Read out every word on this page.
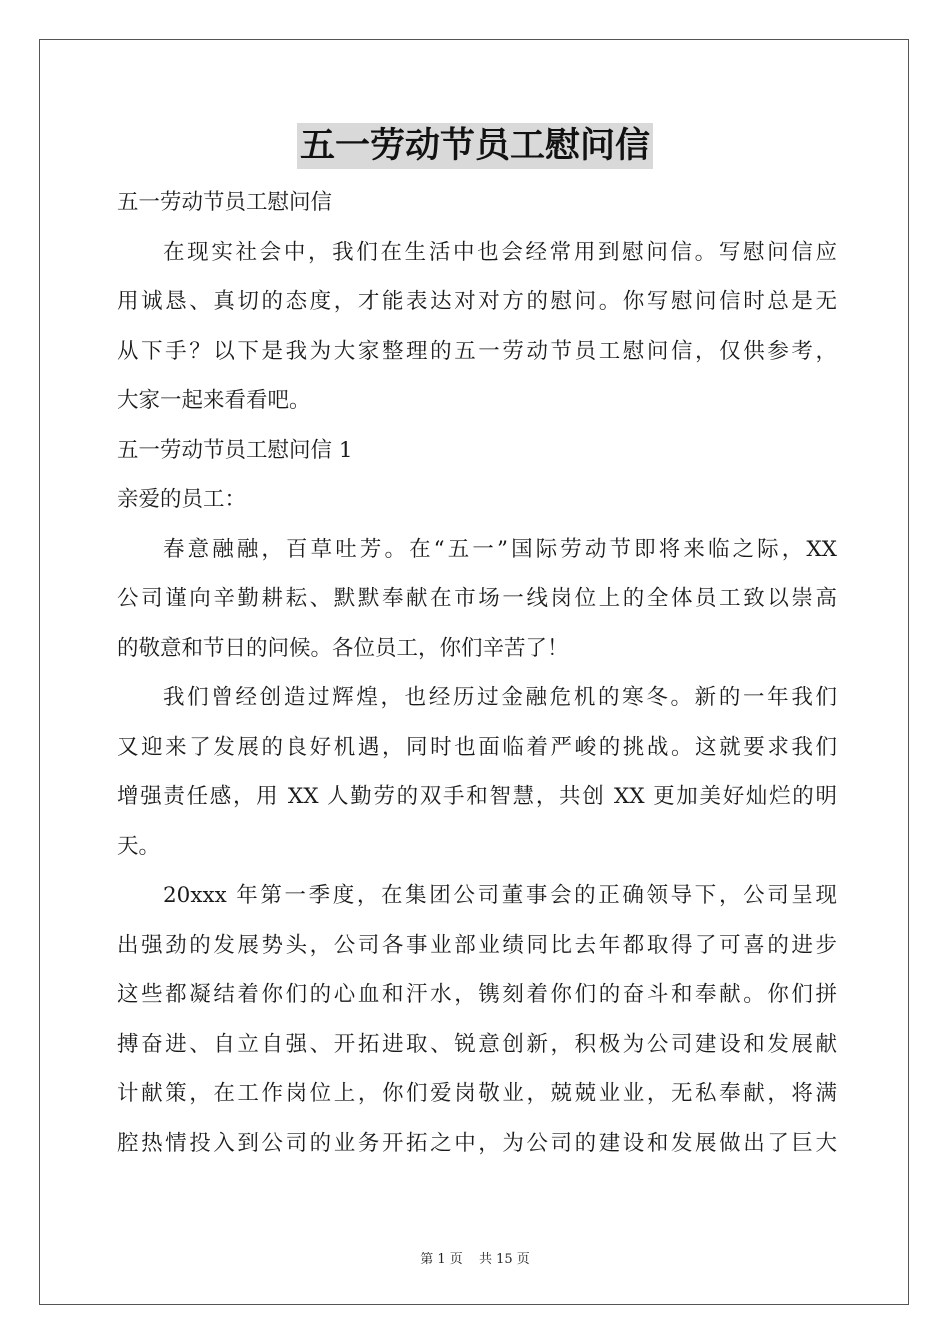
五一劳动节员工慰问信
五一劳动节员工慰问信
在现实社会中，我们在生活中也会经常用到慰问信。写慰问信应
用诚恳、真切的态度，才能表达对对方的慰问。你写慰问信时总是无
从下手？以下是我为大家整理的五一劳动节员工慰问信，仅供参考，
大家一起来看看吧。
五一劳动节员工慰问信 1
亲爱的员工：
春意融融，百草吐芳。在“五一”国际劳动节即将来临之际，XX
公司谨向辛勤耕耘、默默奉献在市场一线岗位上的全体员工致以崇高
的敬意和节日的问候。各位员工，你们辛苦了！
我们曾经创造过辉煌，也经历过金融危机的寒冬。新的一年我们
又迎来了发展的良好机遇，同时也面临着严峻的挑战。这就要求我们
增强责任感，用 XX 人勤劳的双手和智慧，共创 XX 更加美好灿烂的明
天。
20xxx 年第一季度，在集团公司董事会的正确领导下，公司呈现
出强劲的发展势头，公司各事业部业绩同比去年都取得了可喜的进步
这些都凝结着你们的心血和汗水，镌刻着你们的奋斗和奉献。你们拼
搏奋进、自立自强、开拓进取、锐意创新，积极为公司建设和发展献
计献策，在工作岗位上，你们爱岗敬业，兢兢业业，无私奉献，将满
腔热情投入到公司的业务开拓之中，为公司的建设和发展做出了巨大
第 1 页 共 15 页
